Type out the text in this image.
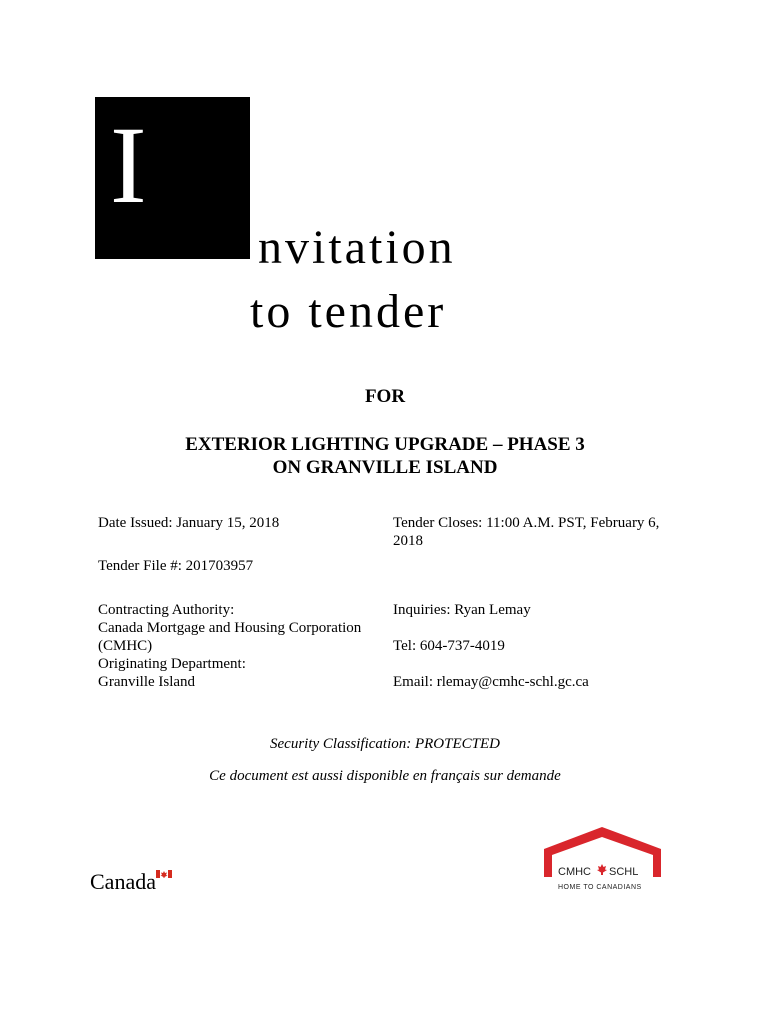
I
nvitation
to tender
FOR
EXTERIOR LIGHTING UPGRADE – PHASE 3
ON GRANVILLE ISLAND
Date Issued: January 15, 2018	Tender Closes: 11:00 A.M. PST, February 6,
2018
Tender File #: 201703957
Contracting Authority:
Canada Mortgage and Housing Corporation
(CMHC)
Originating Department:
Granville Island
Inquiries: Ryan Lemay
Tel: 604-737-4019
Email: rlemay@cmhc-schl.gc.ca
Security Classification: PROTECTED
Ce document est aussi disponible en français sur demande
Canada	CMHC SCHL
HOME TO CANADIANS
